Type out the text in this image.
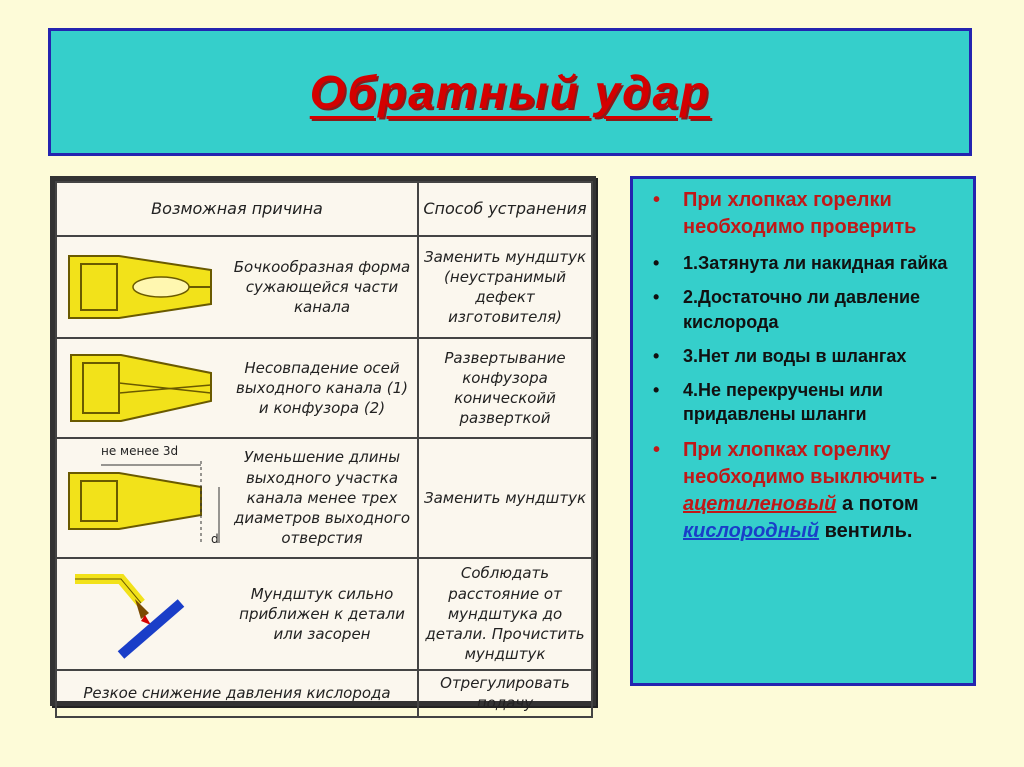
Обратный удар
Возможная причина	Способ устранения

Бочкообразная форма сужающейся части канала	Заменить мундштук (неустранимый дефект изготовителя)

Несовпадение осей выходного канала (1) и конфузора (2)	Развертывание конфузора коническойй разверткой

не менее 3d
d
Уменьшение длины выходного участка канала менее трех диаметров выходного отверстия	Заменить мундштук

Мундштук сильно приближен к детали или засорен	Соблюдать расстояние от мундштука до детали. Прочистить мундштук
Резкое снижение давления кислорода	Отрегулировать подачу
• При хлопках горелки необходимо проверить
• 1.Затянута ли накидная гайка
• 2.Достаточно ли давление кислорода
• 3.Нет ли воды в шлангах
• 4.Не перекручены или придавлены шланги
• При хлопках горелку необходимо выключить - ацетиленовый а потом кислородный вентиль.
